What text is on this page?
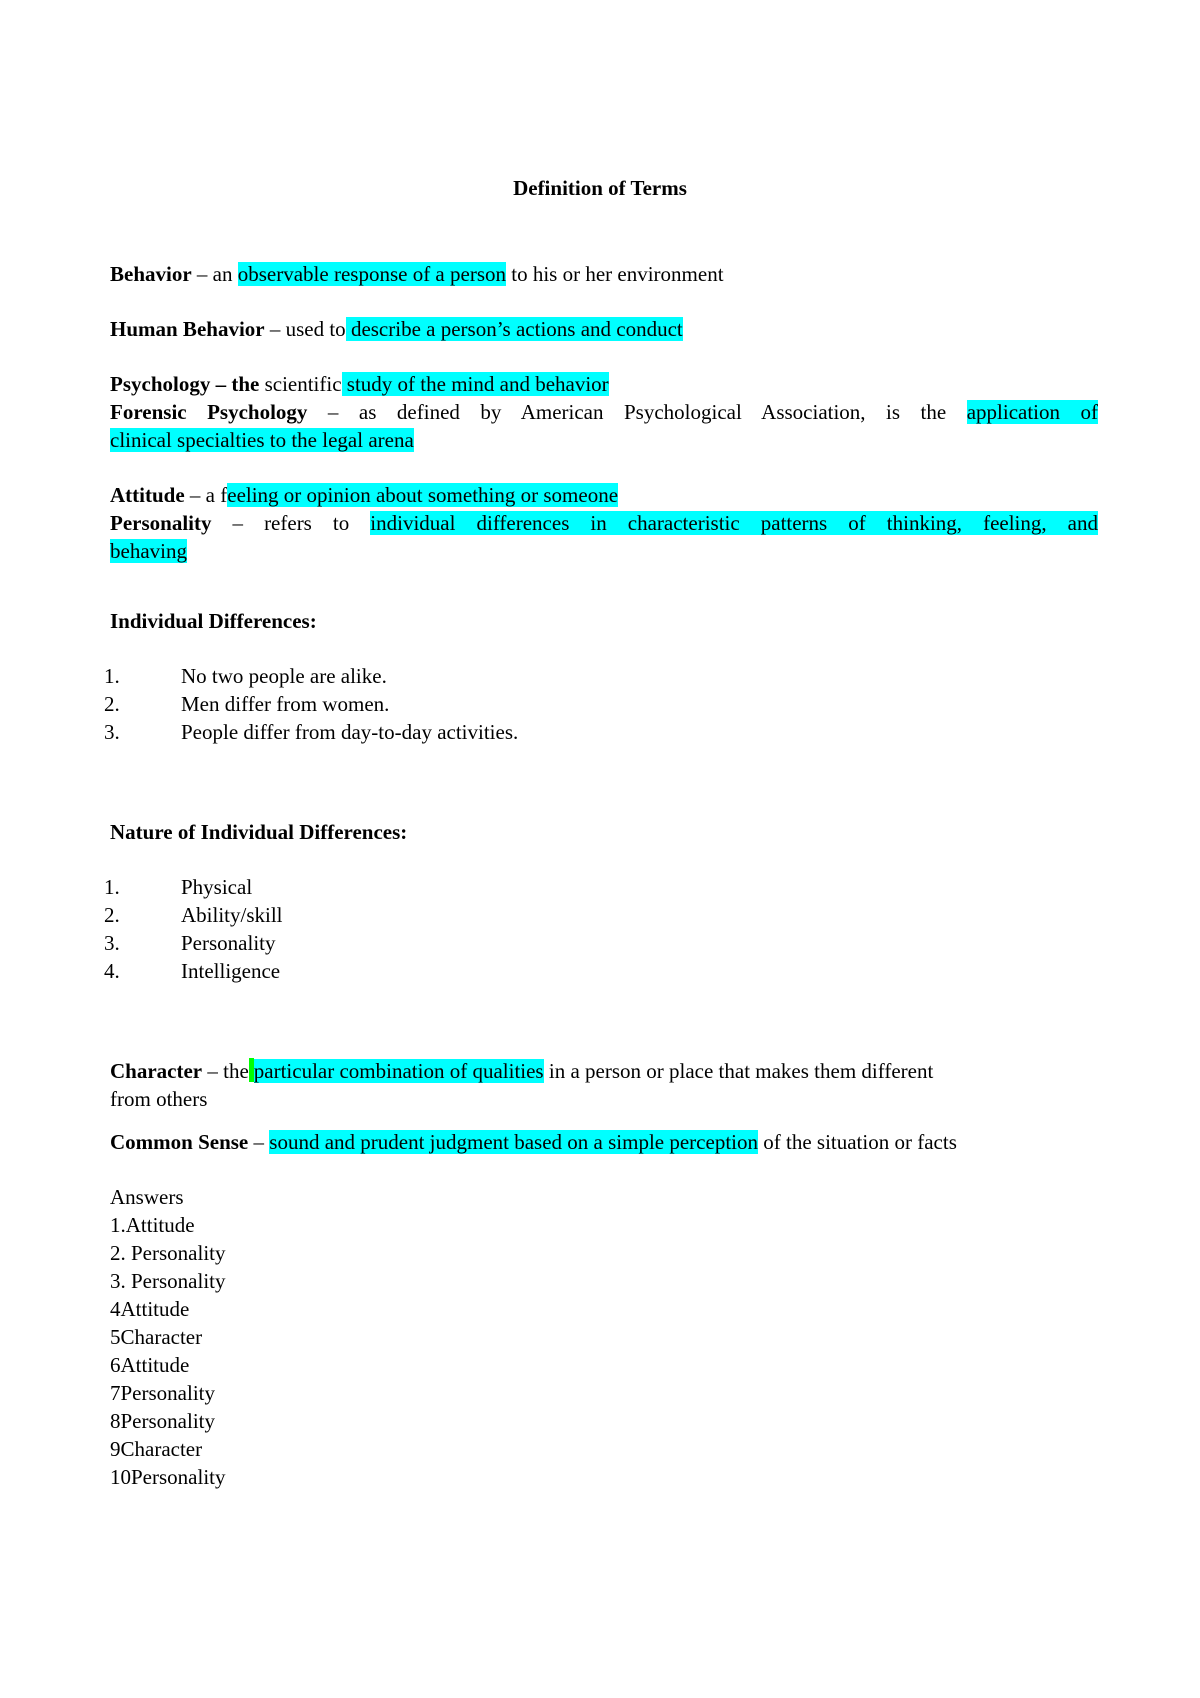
Definition of Terms
Behavior – an observable response of a person to his or her environment
Human Behavior – used to describe a person’s actions and conduct
Psychology – the scientific study of the mind and behavior
Forensic Psychology – as defined by American Psychological Association, is the application of
clinical specialties to the legal arena
Attitude – a feeling or opinion about something or someone
Personality – refers to individual differences in characteristic patterns of thinking, feeling, and
behaving
Individual Differences:
1.	No two people are alike.
2.	Men differ from women.
3.	People differ from day-to-day activities.
Nature of Individual Differences:
1.	Physical
2.	Ability/skill
3.	Personality
4.	Intelligence
Character – the particular combination of qualities in a person or place that makes them different
from others
Common Sense – sound and prudent judgment based on a simple perception of the situation or facts
Answers
1.Attitude
2. Personality
3. Personality
4Attitude
5Character
6Attitude
7Personality
8Personality
9Character
10Personality
